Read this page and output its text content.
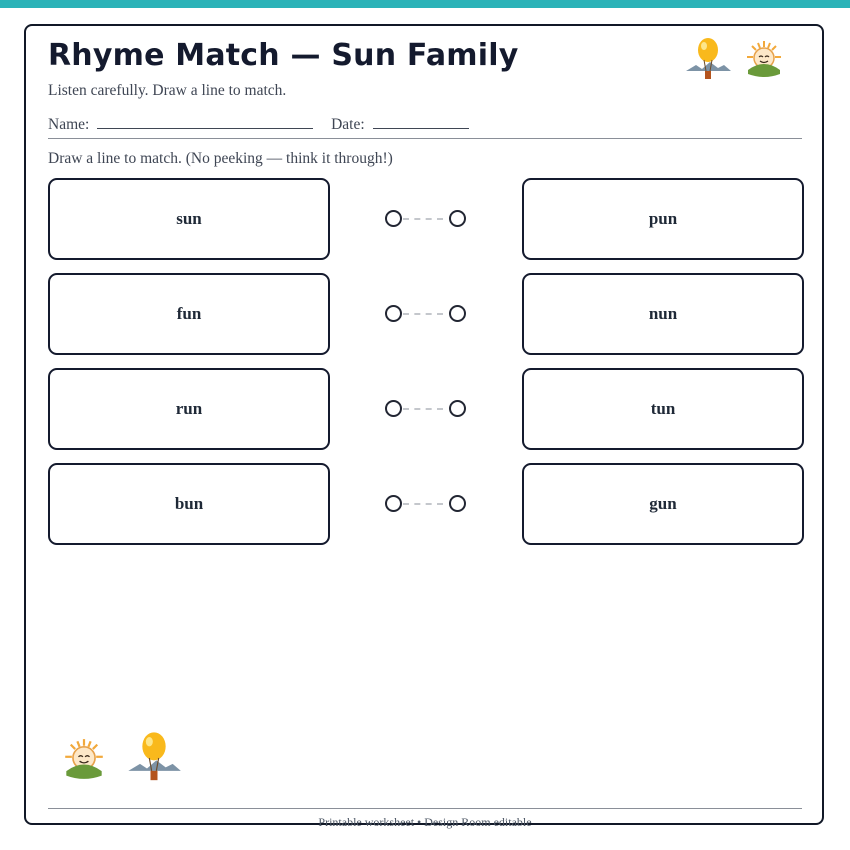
Rhyme Match — Sun Family
Listen carefully. Draw a line to match.
Name:	Date:
Draw a line to match. (No peeking — think it through!)
sun	pun
fun	nun
run	tun
bun	gun
Printable worksheet • Design Room editable
